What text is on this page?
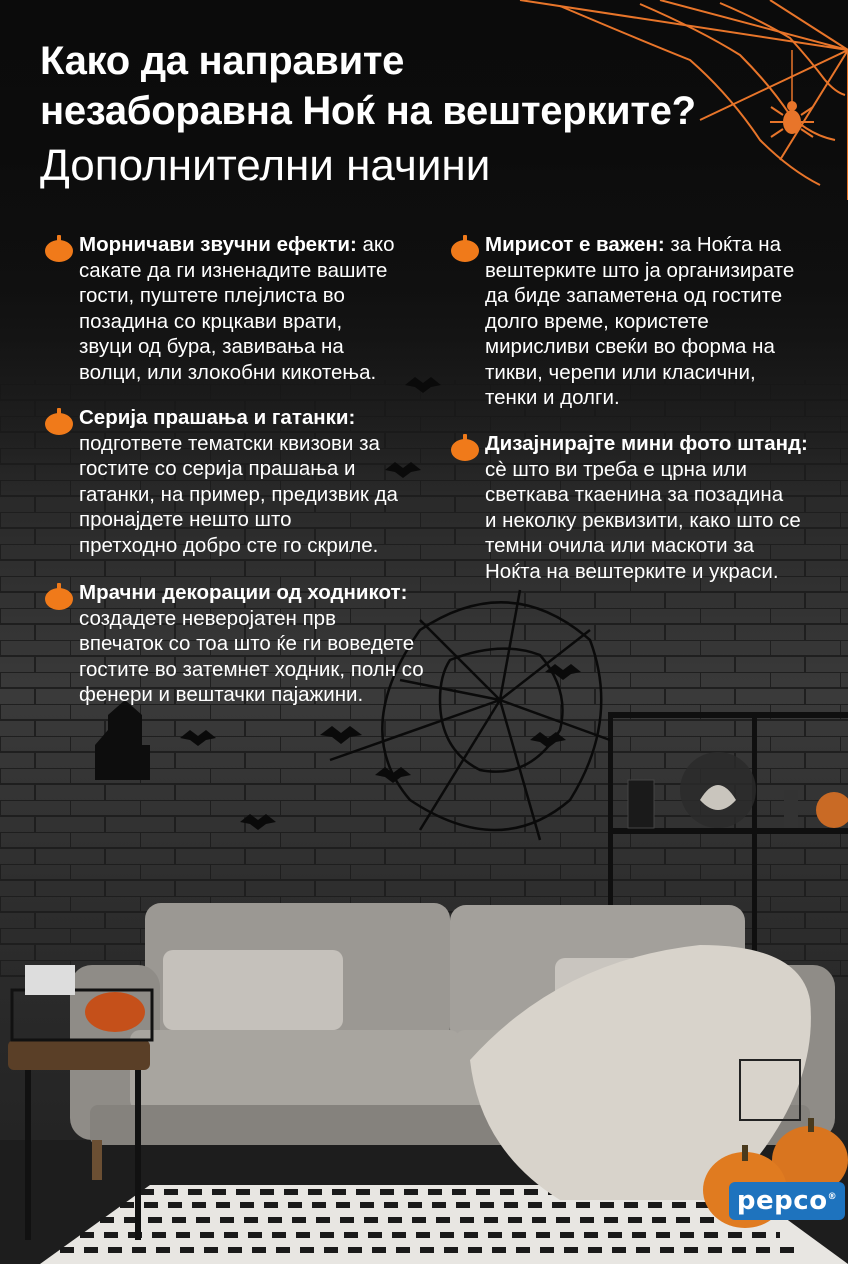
Како да направите
незаборавна Ноќ на вештерките?
Дополнителни начини
Морничави звучни ефекти: ако
сакате да ги изненадите вашите
гости, пуштете плејлиста во
позадина со крцкави врати,
звуци од бура, завивања на
волци, или злокобни кикотења.
Серија прашања и гатанки:
подгответе тематски квизови за
гостите со серија прашања и
гатанки, на пример, предизвик да
пронајдете нешто што
претходно добро сте го скриле.
Мрачни декорации од ходникот:
создадете неверојатен прв
впечаток со тоа што ќе ги воведете
гостите во затемнет ходник, полн со
фенери и вештачки пајажини.
Мирисот е важен: за Ноќта на
вештерките што ја организирате
да биде запаметена од гостите
долго време, користете
мирисливи свеќи во форма на
тикви, черепи или класични,
тенки и долги.
Дизајнирајте мини фото штанд:
сè што ви треба е црна или
светкава ткаенина за позадина
и неколку реквизити, како што се
темни очила или маскоти за
Ноќта на вештерките и украси.
pepco®
